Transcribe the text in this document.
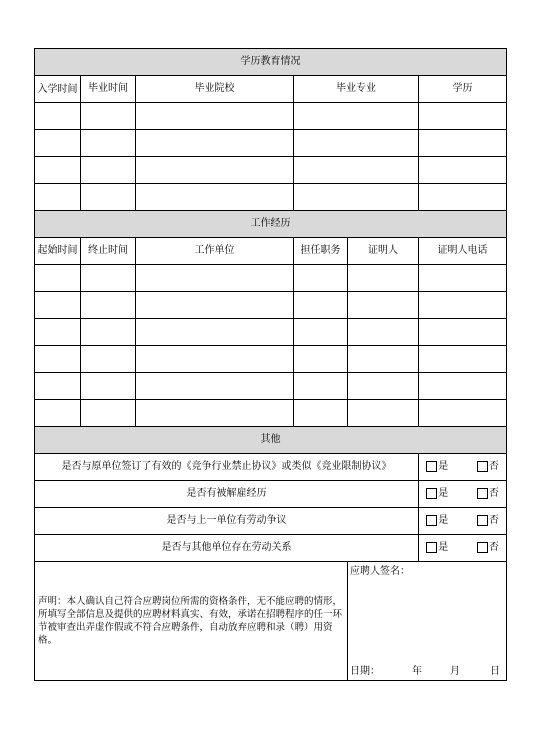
学历教育情况					
入学时间	毕业时间	毕业院校	毕业专业		学历

工作经历					
起始时间	终止时间	工作单位	担任职务	证明人	证明人电话

其他					
是否与原单位签订了有效的《竞争行业禁止协议》或类似《竞业限制协议》					是 否
是否有被解雇经历					是 否
是否与上一单位有劳动争议					是 否
是否与其他单位存在劳动关系					是 否
声明：本人确认自己符合应聘岗位所需的资格条件，无不能应聘的情形，所填写全部信息及提供的应聘材料真实、有效，承诺在招聘程序的任一环节被审查出弄虚作假或不符合应聘条件，自动放弃应聘和录（聘）用资格。				应聘人签名：
日期： 年 月 日	
